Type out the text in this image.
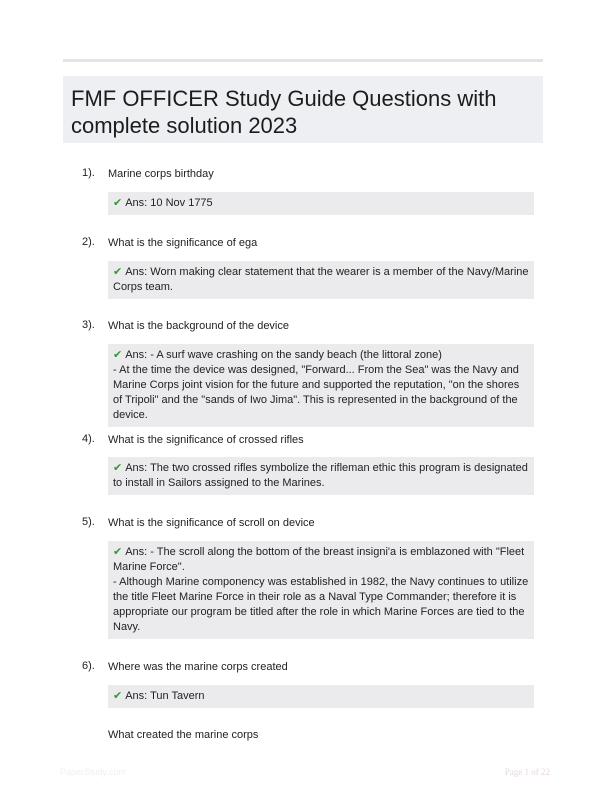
FMF OFFICER Study Guide Questions with complete solution 2023
1). Marine corps birthday

✔ Ans: 10 Nov 1775

2). What is the significance of ega

✔ Ans: Worn making clear statement that the wearer is a member of the Navy/Marine Corps team.

3). What is the background of the device

✔ Ans: - A surf wave crashing on the sandy beach (the littoral zone)

- At the time the device was designed, "Forward... From the Sea" was the Navy and Marine Corps joint vision for the future and supported the reputation, "on the shores of Tripoli" and the "sands of Iwo Jima". This is represented in the background of the device.

4). What is the significance of crossed rifles

✔ Ans: The two crossed rifles symbolize the rifleman ethic this program is designated to install in Sailors assigned to the Marines.

5). What is the significance of scroll on device

✔ Ans: - The scroll along the bottom of the breast insigni'a is emblazoned with "Fleet Marine Force".

- Although Marine componency was established in 1982, the Navy continues to utilize the title Fleet Marine Force in their role as a Naval Type Commander; therefore it is appropriate our program be titled after the role in which Marine Forces are tied to the Navy.

6). Where was the marine corps created

✔ Ans: Tun Tavern

What created the marine corps
PaperStudy.com	Page 1 of 22
